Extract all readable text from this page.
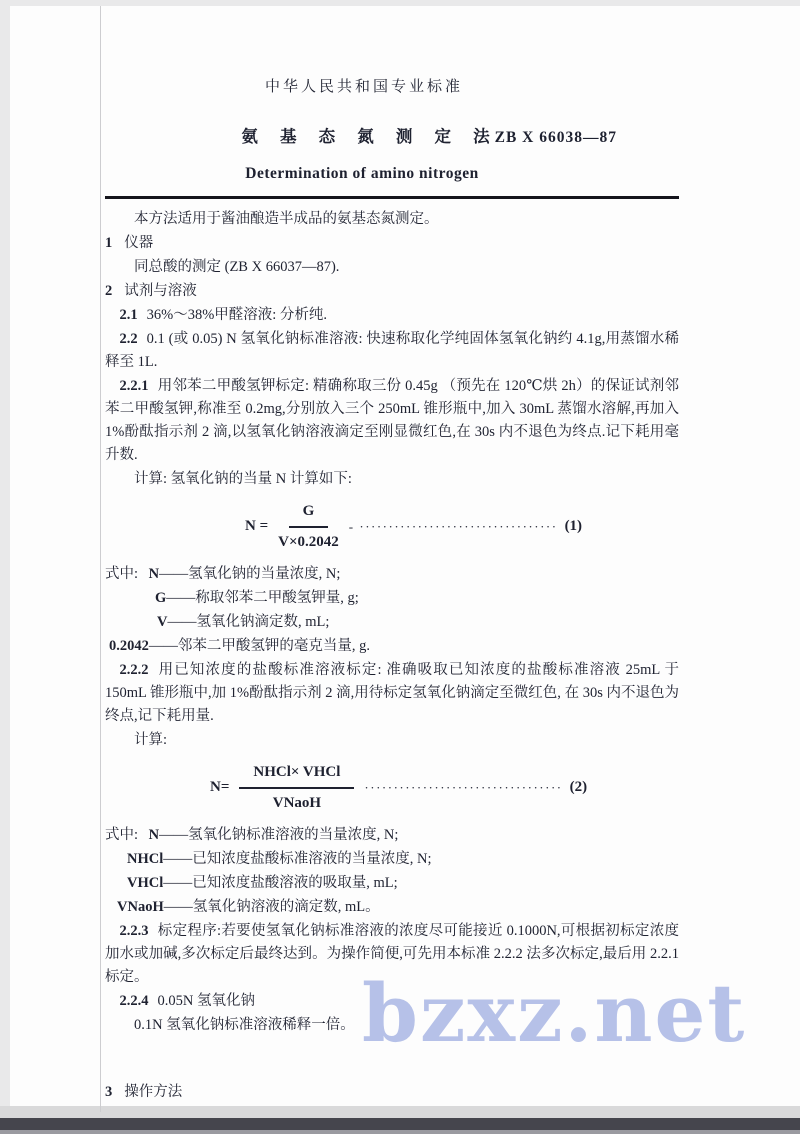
中华人民共和国专业标准
氨 基 态 氮 测 定 法
ZB X 66038—87
Determination of amino nitrogen

本方法适用于酱油酿造半成品的氨基态氮测定。

1 仪器

同总酸的测定 (ZB X 66037—87).

2 试剂与溶液

2.1 36%～38%甲醛溶液: 分析纯.

2.2 0.1 (或 0.05) N 氢氧化钠标准溶液: 快速称取化学纯固体氢氧化钠约 4.1g,用蒸馏水稀释至 1L.

2.2.1 用邻苯二甲酸氢钾标定: 精确称取三份 0.45g （预先在 120℃烘 2h）的保证试剂邻苯二甲酸氢钾,称准至 0.2mg,分别放入三个 250mL 锥形瓶中,加入 30mL 蒸馏水溶解,再加入 1%酚酞指示剂 2 滴,以氢氧化钠溶液滴定至刚显微红色,在 30s 内不退色为终点.记下耗用毫升数.

计算: 氢氧化钠的当量 N 计算如下:

$N = \frac{G}{V\times 0.2042}$ - ·································· (1)

式中: N——氢氧化钠的当量浓度, N;

G——称取邻苯二甲酸氢钾量, g;

V——氢氧化钠滴定数, mL;

0.2042——邻苯二甲酸氢钾的毫克当量, g.

2.2.2 用已知浓度的盐酸标准溶液标定: 准确吸取已知浓度的盐酸标准溶液 25mL 于150mL 锥形瓶中,加 1%酚酞指示剂 2 滴,用待标定氢氧化钠滴定至微红色, 在 30s 内不退色为终点,记下耗用量.

计算:

$N= \frac{\text{NHCl× VHCl}}{\text{VNaoH}}$ ·································· (2)

式中: N——氢氧化钠标准溶液的当量浓度, N;

NHCl——已知浓度盐酸标准溶液的当量浓度, N;

VHCl——已知浓度盐酸溶液的吸取量, mL;

VNaoH——氢氧化钠溶液的滴定数, mL。

2.2.3 标定程序:若要使氢氧化钠标准溶液的浓度尽可能接近 0.1000N,可根据初标定浓度加水或加碱,多次标定后最终达到。为操作简便,可先用本标准 2.2.2 法多次标定,最后用 2.2.1 标定。

2.2.4 0.05N 氢氧化钠

0.1N 氢氧化钠标准溶液稀释一倍。

3 操作方法

bzxz.net
